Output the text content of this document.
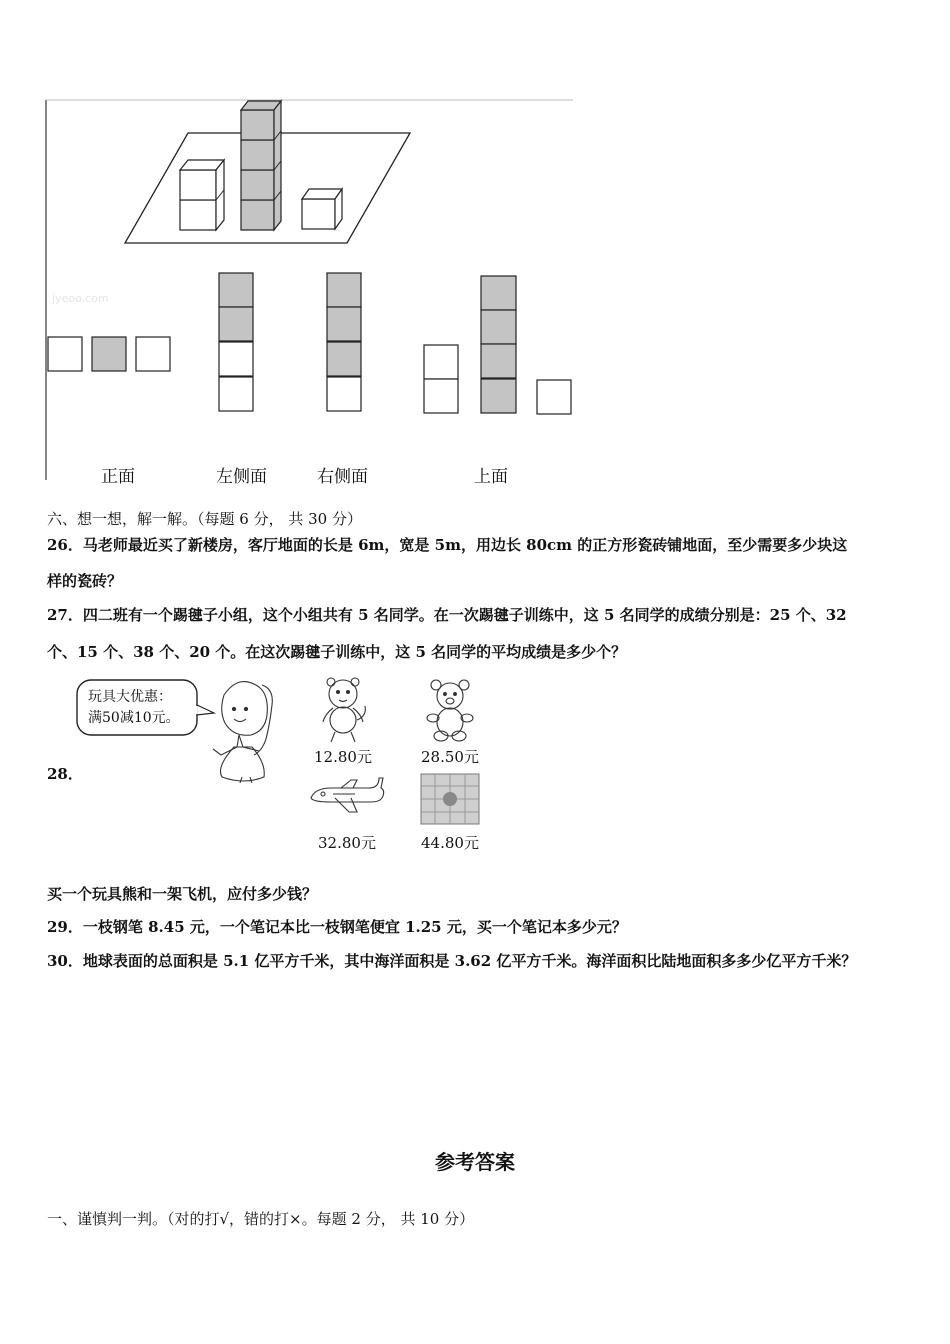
jyeoo.com
正面	左侧面	右侧面	上面
六、想一想，解一解。（每题 6 分， 共 30 分）
26．马老师最近买了新楼房，客厅地面的长是 6m，宽是 5m，用边长 80cm 的正方形瓷砖铺地面，至少需要多少块这
样的瓷砖？
27．四二班有一个踢毽子小组，这个小组共有 5 名同学。在一次踢毽子训练中，这 5 名同学的成绩分别是：25 个、32
个、15 个、38 个、20 个。在这次踢毽子训练中，这 5 名同学的平均成绩是多少个？
28．
玩具大优惠：
满50减10元。
12.80元	28.50元
32.80元	44.80元
买一个玩具熊和一架飞机，应付多少钱？
29．一枝钢笔 8.45 元，一个笔记本比一枝钢笔便宜 1.25 元，买一个笔记本多少元？
30．地球表面的总面积是 5.1 亿平方千米，其中海洋面积是 3.62 亿平方千米。海洋面积比陆地面积多多少亿平方千米？
参考答案
一、谨慎判一判。（对的打√，错的打×。每题 2 分， 共 10 分）
